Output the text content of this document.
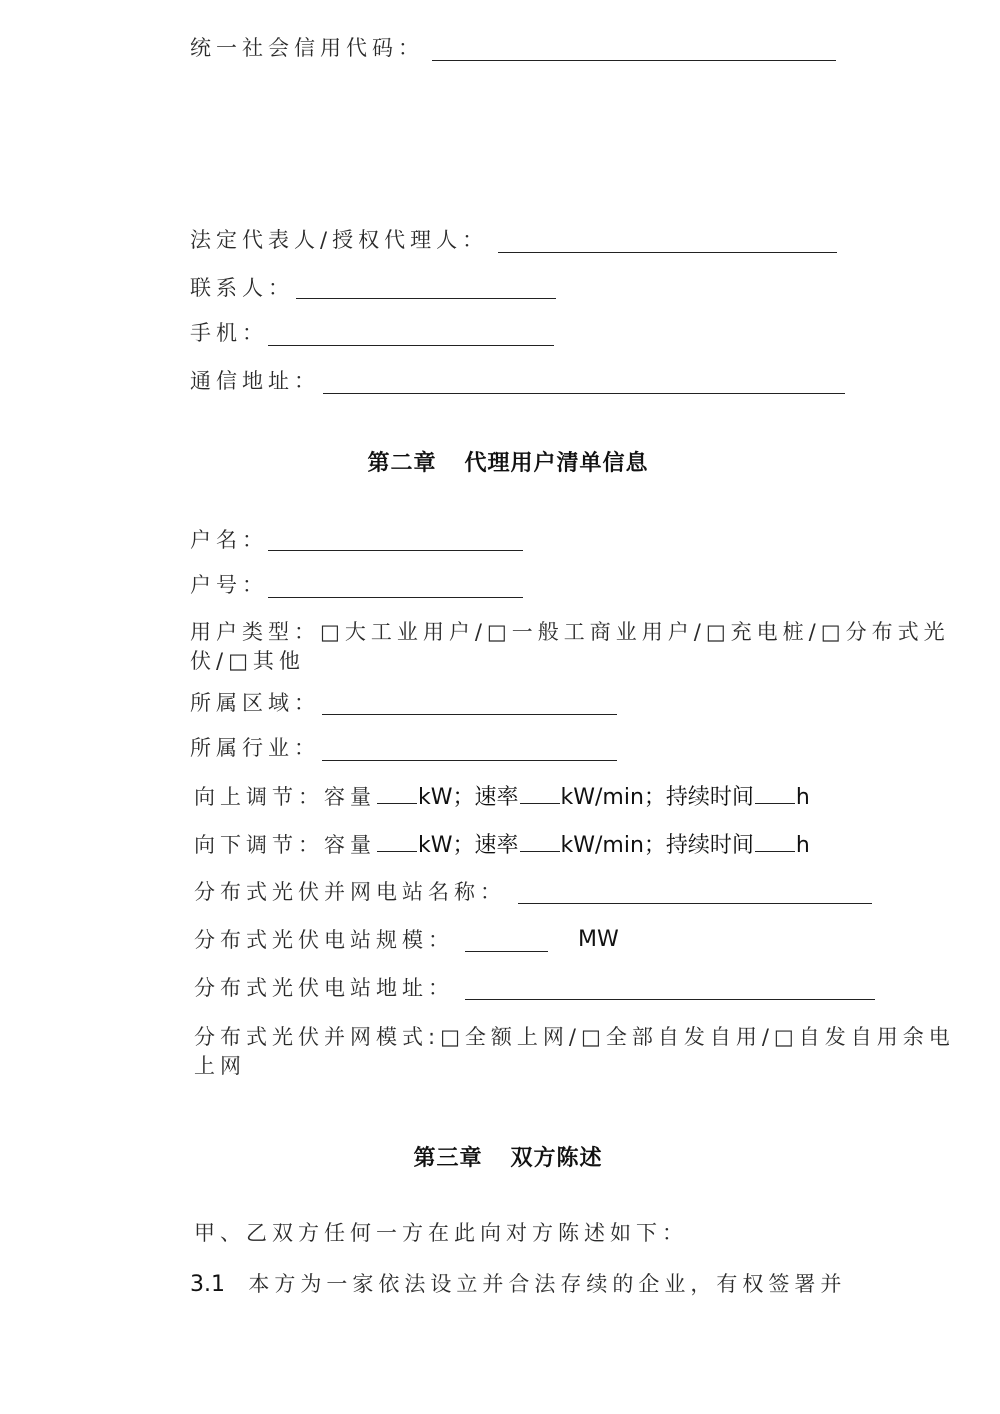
统一社会信用代码：
法定代表人/授权代理人：
联系人：
手机：
通信地址：
第二章 代理用户清单信息
户名：
户号：
用户类型：□大工业用户/□一般工商业用户/□充电桩/□分布式光伏/□其他
所属区域：
所属行业：
向上调节：容量 kW；速率 kW/min；持续时间 h
向下调节：容量 kW；速率 kW/min；持续时间 h
分布式光伏并网电站名称：
分布式光伏电站规模：	MW
分布式光伏电站地址：
分布式光伏并网模式:□全额上网/□全部自发自用/□自发自用余电上网
第三章 双方陈述
甲、乙双方任何一方在此向对方陈述如下：
3.1 本方为一家依法设立并合法存续的企业，有权签署并
